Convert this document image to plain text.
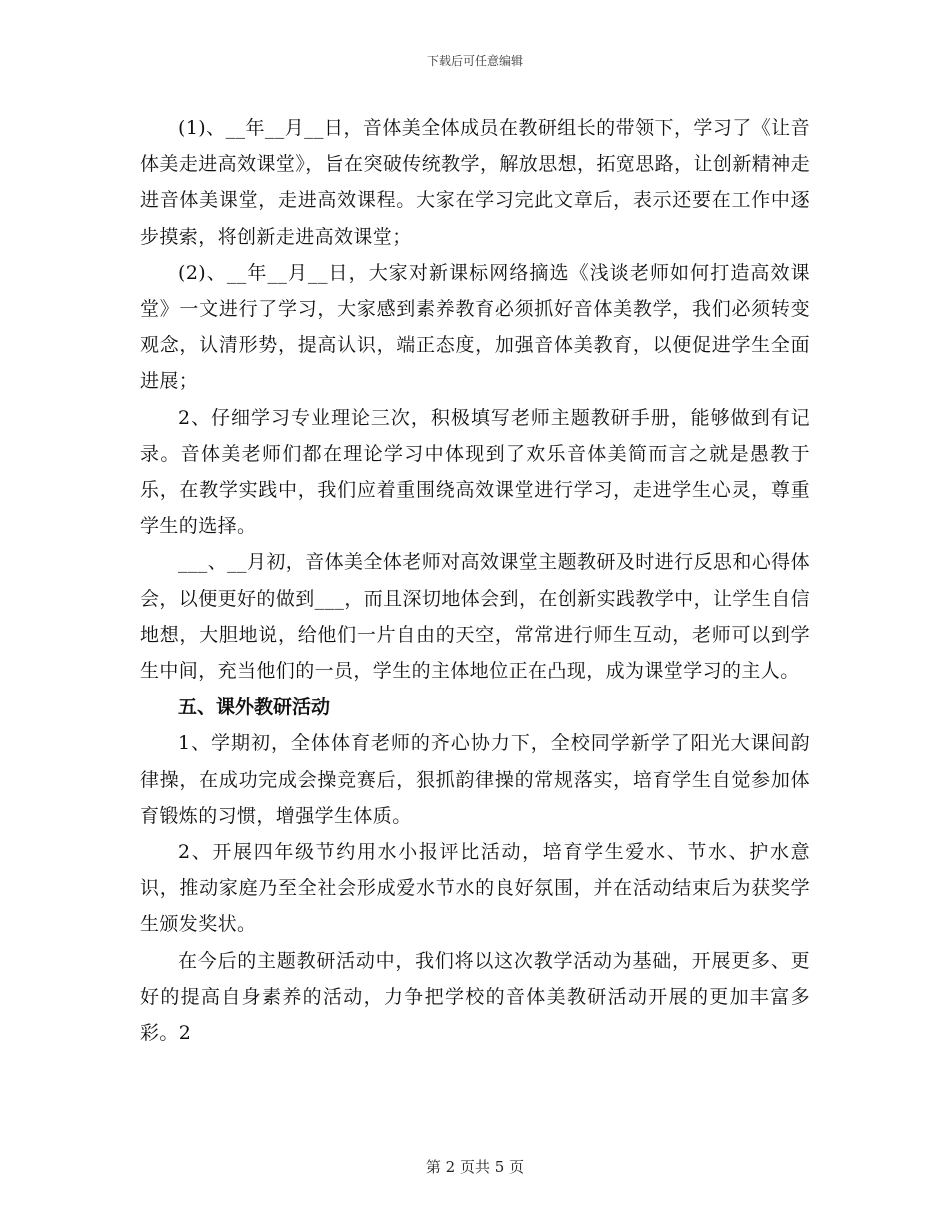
下载后可任意编辑

(1)、__年__月__日，音体美全体成员在教研组长的带领下，学习了《让音体美走进高效课堂》，旨在突破传统教学，解放思想，拓宽思路，让创新精神走进音体美课堂，走进高效课程。大家在学习完此文章后，表示还要在工作中逐步摸索，将创新走进高效课堂；

(2)、__年__月__日，大家对新课标网络摘选《浅谈老师如何打造高效课堂》一文进行了学习，大家感到素养教育必须抓好音体美教学，我们必须转变观念，认清形势，提高认识，端正态度，加强音体美教育，以便促进学生全面进展；

2、仔细学习专业理论三次，积极填写老师主题教研手册，能够做到有记录。音体美老师们都在理论学习中体现到了欢乐音体美简而言之就是愚教于乐，在教学实践中，我们应着重围绕高效课堂进行学习，走进学生心灵，尊重学生的选择。

___、__月初，音体美全体老师对高效课堂主题教研及时进行反思和心得体会，以便更好的做到___，而且深切地体会到，在创新实践教学中，让学生自信地想，大胆地说，给他们一片自由的天空，常常进行师生互动，老师可以到学生中间，充当他们的一员，学生的主体地位正在凸现，成为课堂学习的主人。

五、课外教研活动

1、学期初，全体体育老师的齐心协力下，全校同学新学了阳光大课间韵律操，在成功完成会操竞赛后，狠抓韵律操的常规落实，培育学生自觉参加体育锻炼的习惯，增强学生体质。

2、开展四年级节约用水小报评比活动，培育学生爱水、节水、护水意识，推动家庭乃至全社会形成爱水节水的良好氛围，并在活动结束后为获奖学生颁发奖状。

在今后的主题教研活动中，我们将以这次教学活动为基础，开展更多、更好的提高自身素养的活动，力争把学校的音体美教研活动开展的更加丰富多彩。2

第 2 页共 5 页
